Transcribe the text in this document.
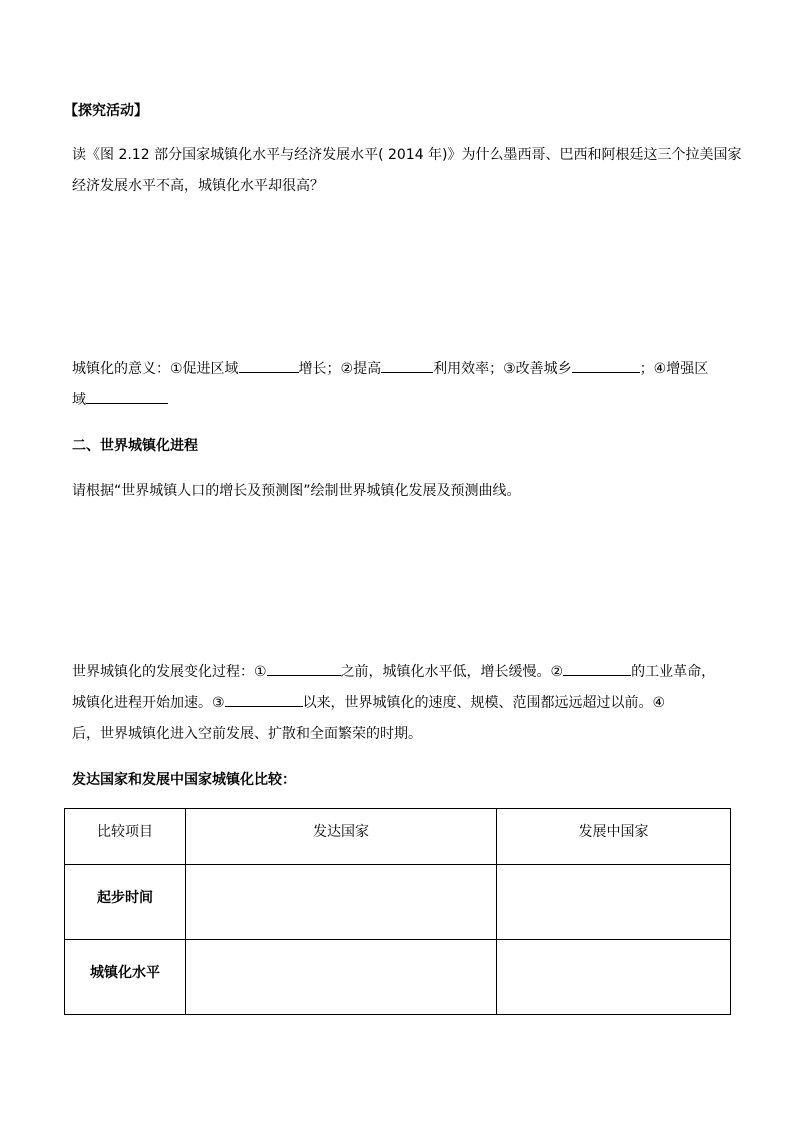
【探究活动】
读《图 2.12 部分国家城镇化水平与经济发展水平( 2014 年)》为什么墨西哥、巴西和阿根廷这三个拉美国家
经济发展水平不高，城镇化水平却很高？
城镇化的意义：①促进区域	增长；②提高	利用效率；③改善城乡	；④增强区
域
二、世界城镇化进程
请根据“世界城镇人口的增长及预测图”绘制世界城镇化发展及预测曲线。
世界城镇化的发展变化过程：①	之前，城镇化水平低，增长缓慢。②	的工业革命，
城镇化进程开始加速。③	以来，世界城镇化的速度、规模、范围都远远超过以前。④
后，世界城镇化进入空前发展、扩散和全面繁荣的时期。
发达国家和发展中国家城镇化比较：
比较项目	发达国家	发展中国家
起步时间		
城镇化水平		
